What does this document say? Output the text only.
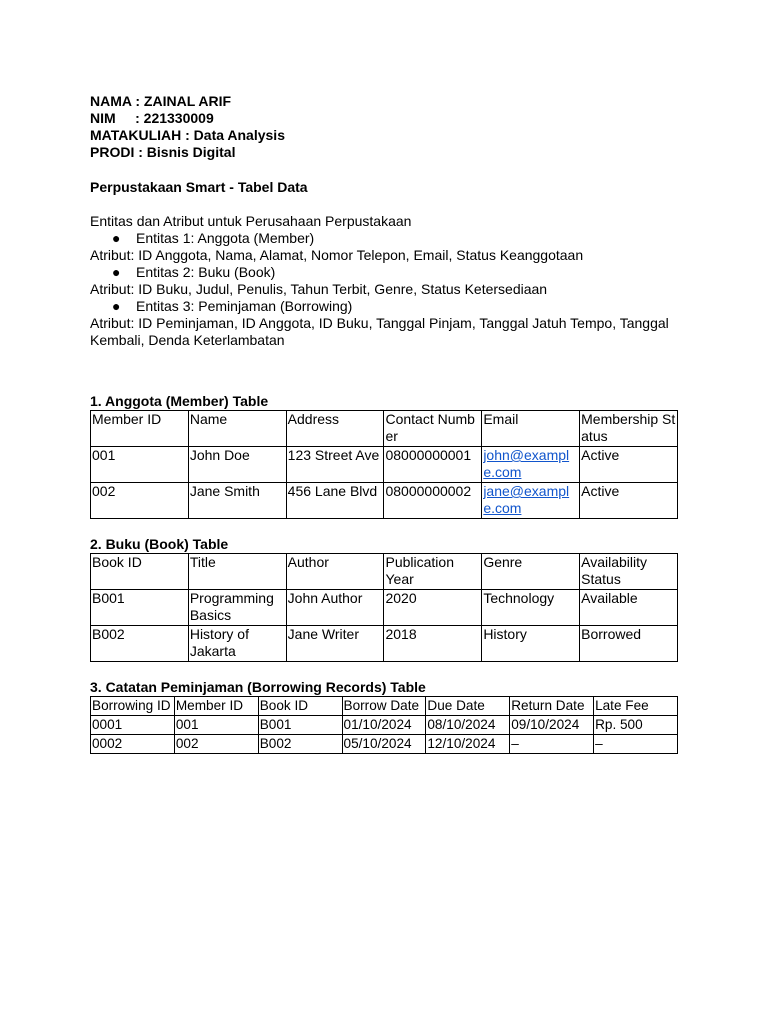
NAMA : ZAINAL ARIF
NIM     : 221330009
MATAKULIAH : Data Analysis
PRODI : Bisnis Digital
Perpustakaan Smart - Tabel Data
Entitas dan Atribut untuk Perusahaan Perpustakaan
● Entitas 1: Anggota (Member)
Atribut: ID Anggota, Nama, Alamat, Nomor Telepon, Email, Status Keanggotaan
● Entitas 2: Buku (Book)
Atribut: ID Buku, Judul, Penulis, Tahun Terbit, Genre, Status Ketersediaan
● Entitas 3: Peminjaman (Borrowing)
Atribut: ID Peminjaman, ID Anggota, ID Buku, Tanggal Pinjam, Tanggal Jatuh Tempo, Tanggal Kembali, Denda Keterlambatan
1. Anggota (Member) Table
Member ID	Name	Address	Contact Number	Email	Membership Status
001	John Doe	123 Street Ave	08000000001	john@example.com	Active
002	Jane Smith	456 Lane Blvd	08000000002	jane@example.com	Active
2. Buku (Book) Table
Book ID	Title	Author	Publication Year	Genre	Availability Status
B001	Programming Basics	John Author	2020	Technology	Available
B002	History of Jakarta	Jane Writer	2018	History	Borrowed
3. Catatan Peminjaman (Borrowing Records) Table
Borrowing ID	Member ID	Book ID	Borrow Date	Due Date	Return Date	Late Fee
0001	001	B001	01/10/2024	08/10/2024	09/10/2024	Rp. 500
0002	002	B002	05/10/2024	12/10/2024	–	–
